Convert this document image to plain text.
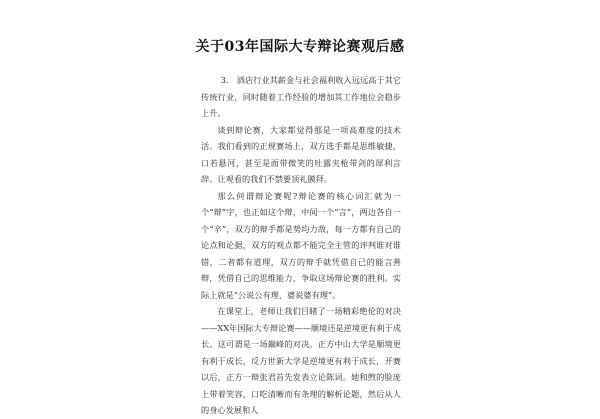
关于03年国际大专辩论赛观后感

3.　酒店行业其薪金与社会福利收入远远高于其它传统行业，同时随着工作经验的增加其工作地位会稳步上升。

谈到辩论赛，大家都觉得那是一项高难度的技术活。我们看到的正规赛场上，双方选手都是思维敏捷，口若悬河，甚至是面带微笑的吐露夹枪带剑的犀利言辞。让观看的我们不禁要顶礼膜拜。

那么何谓辩论赛呢?辩论赛的核心词汇就为一个“辩”字，也正如这个辩，中间一个“言”，两边各自一个“辛”，双方的辩手都是势均力敌，每一方都有自己的论点和论据，双方的观点都不能完全主管的评判谁对谁错，二者都有道理，双方的辩手就凭借自己的能言善辩，凭借自己的思维能力，争取这场辩论赛的胜利。实际上就是“公说公有理，婆说婆有理”。

在课堂上，老师让我们目睹了一场精彩绝伦的对决——XX年国际大专辩论赛——顺境还是逆境更有利于成长。这可谓是一场巅峰的对决。正方中山大学是顺境更有利于成长，反方世新大学是逆境更有利于成长，开赛以后，正方一辩张君首先发表立论陈词。她和煦的脸庞上带着笑容，口吃清晰而有条理的解析论题，然后从人的身心发展和人
